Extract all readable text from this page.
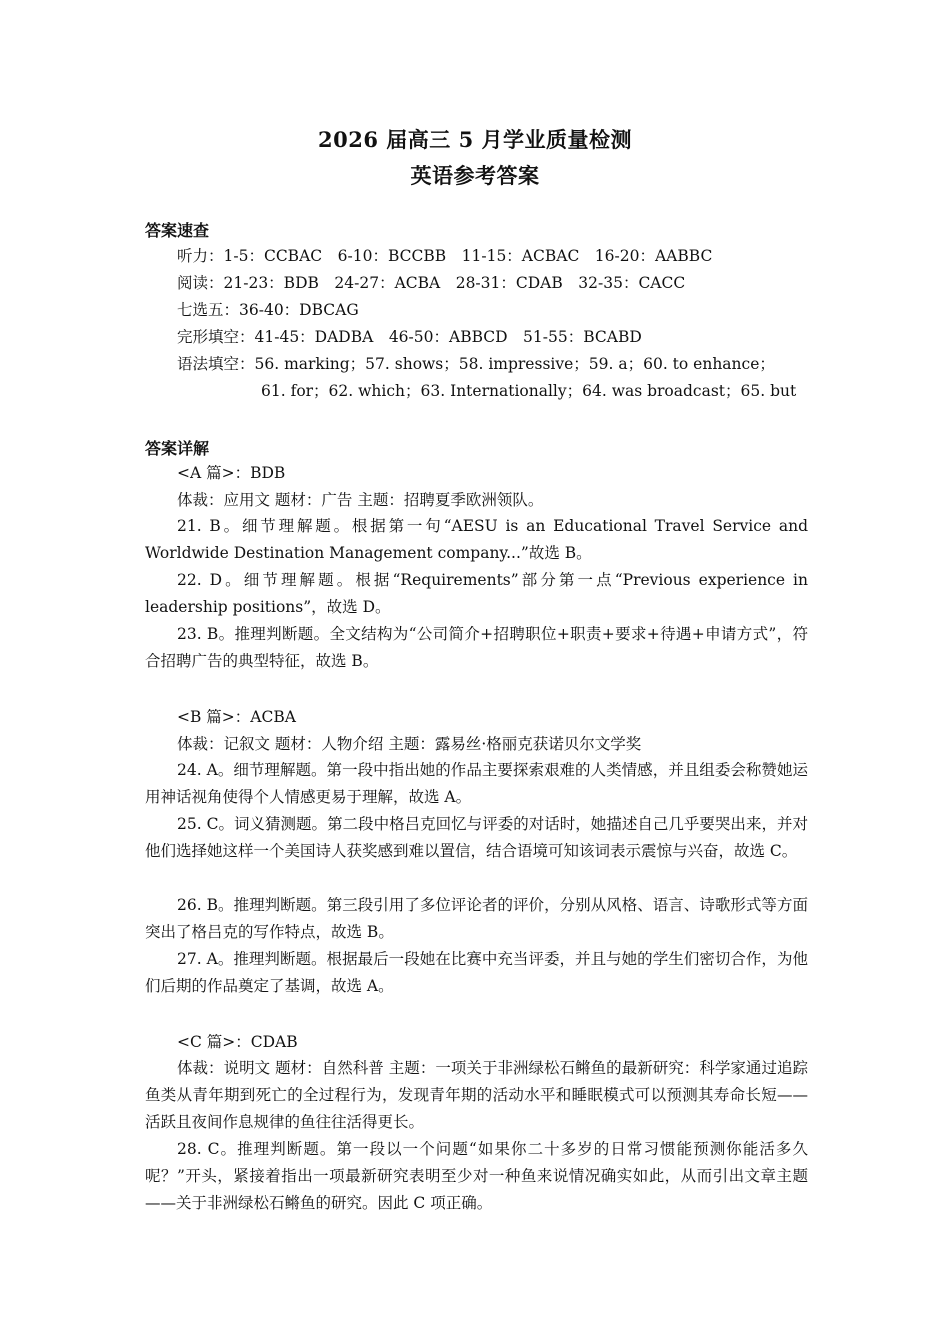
2026 届高三 5 月学业质量检测
英语参考答案
答案速查
听力：1-5：CCBAC　6-10：BCCBB　11-15：ACBAC　16-20：AABBC
阅读：21-23：BDB　24-27：ACBA　28-31：CDAB　32-35：CACC
七选五：36-40：DBCAG
完形填空：41-45：DADBA　46-50：ABBCD　51-55：BCABD
语法填空：56. marking；57. shows；58. impressive；59. a；60. to enhance；
61. for；62. which；63. Internationally；64. was broadcast；65. but
答案详解
<A 篇>：BDB
体裁：应用文 题材：广告 主题：招聘夏季欧洲领队。
21. B。细节理解题。根据第一句“AESU is an Educational Travel Service and Worldwide Destination Management company...”故选 B。
22. D。细节理解题。根据“Requirements”部分第一点“Previous experience in leadership positions”，故选 D。
23. B。推理判断题。全文结构为“公司简介+招聘职位+职责+要求+待遇+申请方式”，符合招聘广告的典型特征，故选 B。
<B 篇>：ACBA
体裁：记叙文 题材：人物介绍 主题：露易丝·格丽克获诺贝尔文学奖
24. A。细节理解题。第一段中指出她的作品主要探索艰难的人类情感，并且组委会称赞她运用神话视角使得个人情感更易于理解，故选 A。
25. C。词义猜测题。第二段中格吕克回忆与评委的对话时，她描述自己几乎要哭出来，并对他们选择她这样一个美国诗人获奖感到难以置信，结合语境可知该词表示震惊与兴奋，故选 C。
26. B。推理判断题。第三段引用了多位评论者的评价，分别从风格、语言、诗歌形式等方面突出了格吕克的写作特点，故选 B。
27. A。推理判断题。根据最后一段她在比赛中充当评委，并且与她的学生们密切合作，为他们后期的作品奠定了基调，故选 A。
<C 篇>：CDAB
体裁：说明文 题材：自然科普 主题：一项关于非洲绿松石鳉鱼的最新研究：科学家通过追踪鱼类从青年期到死亡的全过程行为，发现青年期的活动水平和睡眠模式可以预测其寿命长短——活跃且夜间作息规律的鱼往往活得更长。
28. C。推理判断题。第一段以一个问题“如果你二十多岁的日常习惯能预测你能活多久呢？”开头，紧接着指出一项最新研究表明至少对一种鱼来说情况确实如此，从而引出文章主题——关于非洲绿松石鳉鱼的研究。因此 C 项正确。
